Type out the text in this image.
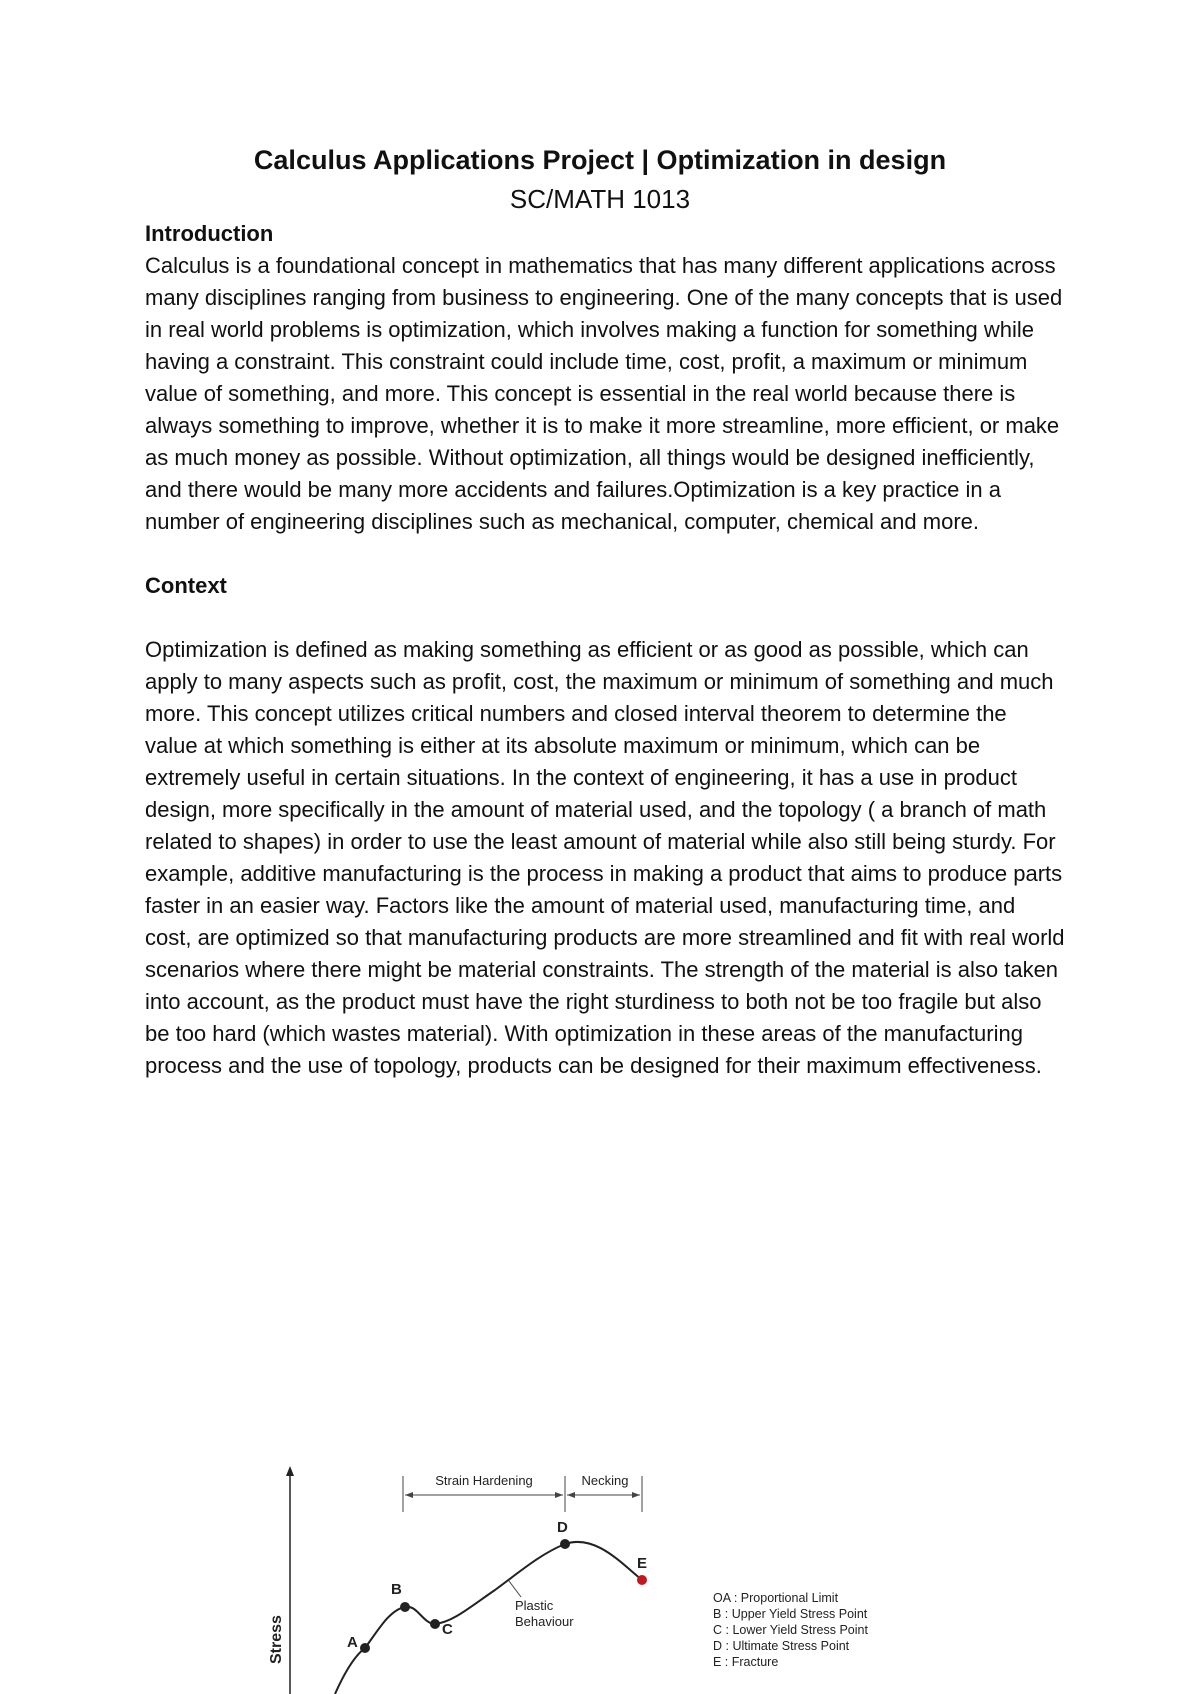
Calculus Applications Project | Optimization in design
SC/MATH 1013
Introduction
Calculus is a foundational concept in mathematics that has many different applications across many disciplines ranging from business to engineering. One of the many concepts that is used in real world problems is optimization, which involves making a function for something while having a constraint. This constraint could include time, cost, profit, a maximum or minimum value of something, and more. This concept is essential in the real world because there is always something to improve, whether it is to make it more streamline, more efficient, or make as much money as possible. Without optimization, all things would be designed inefficiently, and there would be many more accidents and failures.Optimization is a key practice in a number of engineering disciplines such as mechanical, computer, chemical and more.
Context
Optimization is defined as making something as efficient or as good as possible, which can apply to many aspects such as profit, cost, the maximum or minimum of something and much more. This concept utilizes critical numbers and closed interval theorem to determine the value at which something is either at its absolute maximum or minimum, which can be extremely useful in certain situations. In the context of engineering, it has a use in product design, more specifically in the amount of material used, and the topology ( a branch of math related to shapes) in order to use the least amount of material while also still being sturdy. For example, additive manufacturing is the process in making a product that aims to produce parts faster in an easier way. Factors like the amount of material used, manufacturing time, and cost, are optimized so that manufacturing products are more streamlined and fit with real world scenarios where there might be material constraints. The strength of the material is also taken into account, as the product must have the right sturdiness to both not be too fragile but also be too hard (which wastes material). With optimization in these areas of the manufacturing process and the use of topology, products can be designed for their maximum effectiveness.
Stress
Strain Hardening	Necking
A
B
C
D
E
Plastic
Behaviour
OA : Proportional Limit
B : Upper Yield Stress Point
C : Lower Yield Stress Point
D : Ultimate Stress Point
E : Fracture
